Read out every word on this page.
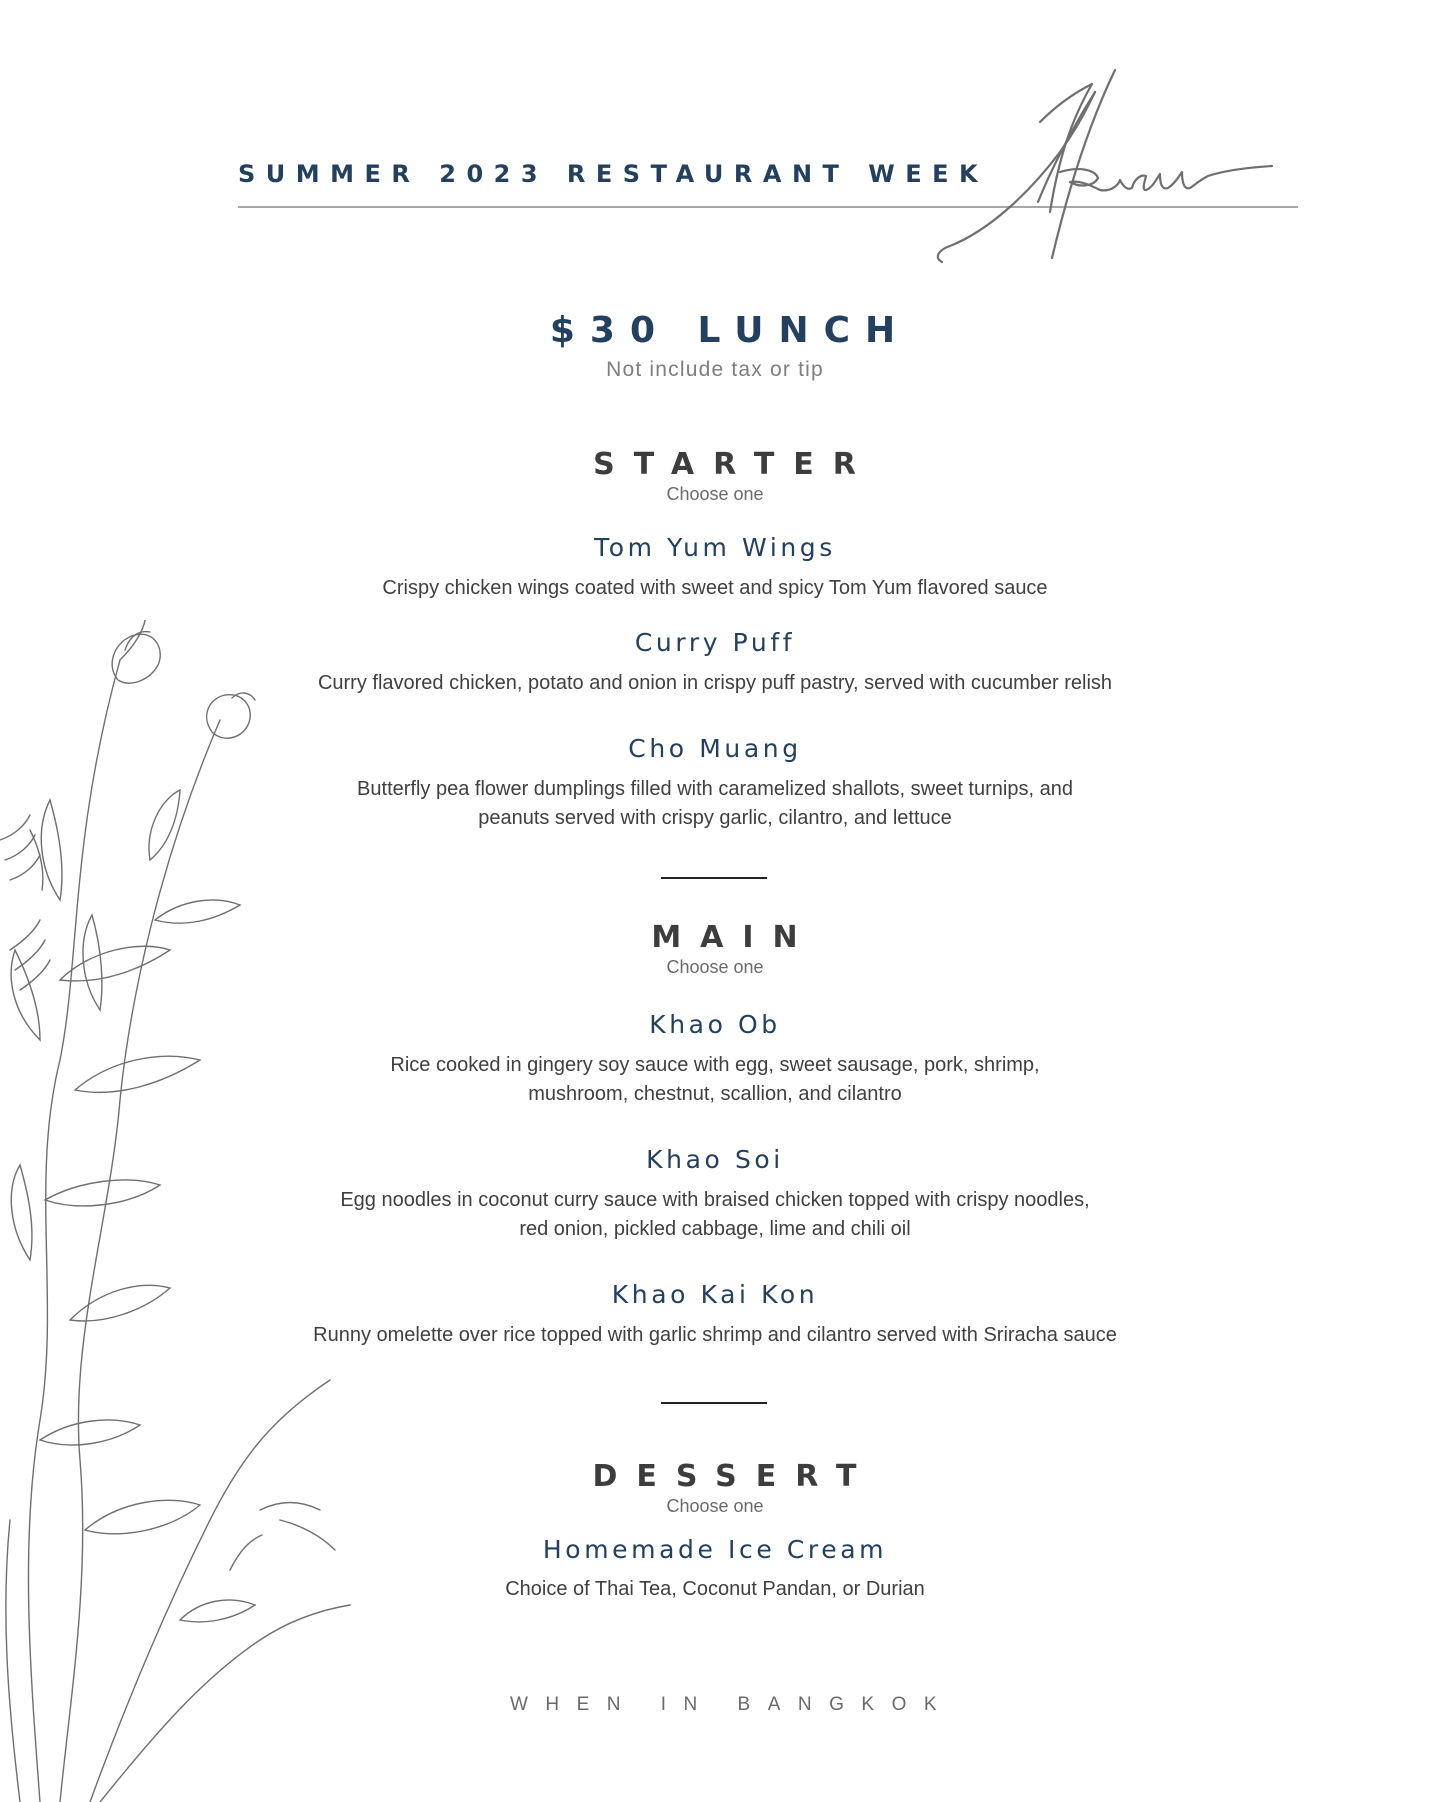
SUMMER 2023 RESTAURANT WEEK
$30 LUNCH
Not include tax or tip
STARTER
Choose one
Tom Yum Wings
Crispy chicken wings coated with sweet and spicy Tom Yum flavored sauce
Curry Puff
Curry flavored chicken, potato and onion in crispy puff pastry, served with cucumber relish
Cho Muang
Butterfly pea flower dumplings filled with caramelized shallots, sweet turnips, and
peanuts served with crispy garlic, cilantro, and lettuce
MAIN
Choose one
Khao Ob
Rice cooked in gingery soy sauce with egg, sweet sausage, pork, shrimp,
mushroom, chestnut, scallion, and cilantro
Khao Soi
Egg noodles in coconut curry sauce with braised chicken topped with crispy noodles,
red onion, pickled cabbage, lime and chili oil
Khao Kai Kon
Runny omelette over rice topped with garlic shrimp and cilantro served with Sriracha sauce
DESSERT
Choose one
Homemade Ice Cream
Choice of Thai Tea, Coconut Pandan, or Durian
WHEN IN BANGKOK
